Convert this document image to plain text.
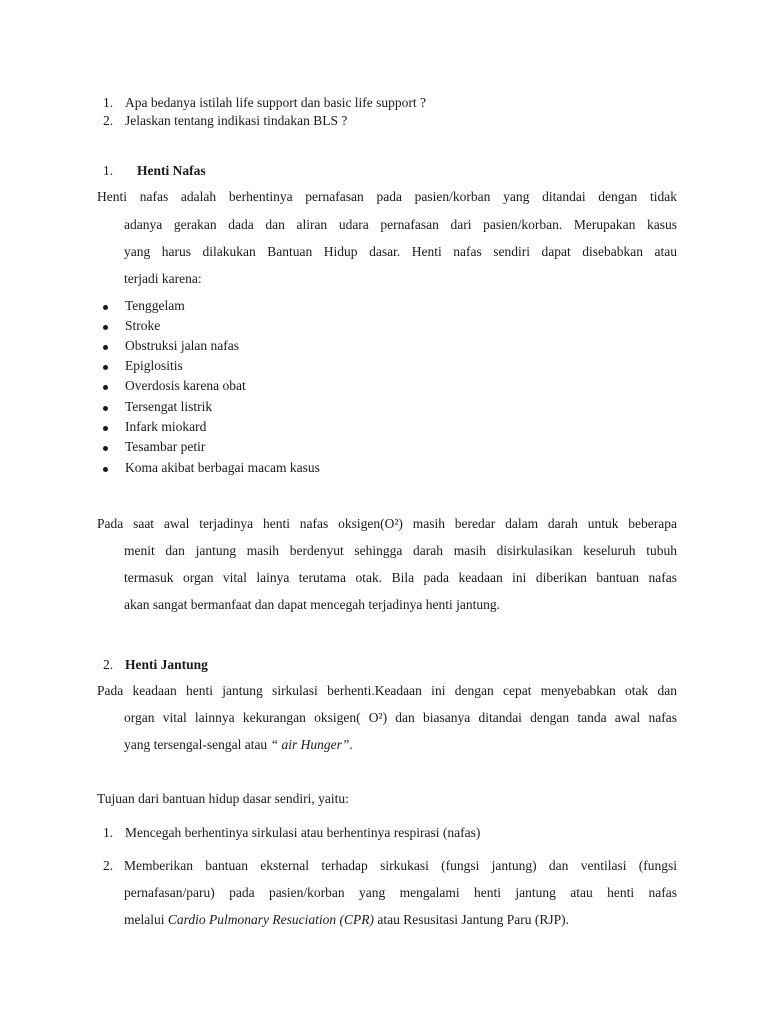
1. Apa bedanya istilah life support dan basic life support ?
2. Jelaskan tentang indikasi tindakan BLS ?
1. Henti Nafas
Henti nafas adalah berhentinya pernafasan pada pasien/korban yang ditandai dengan tidak
adanya gerakan dada dan aliran udara pernafasan dari pasien/korban. Merupakan kasus
yang harus dilakukan Bantuan Hidup dasar. Henti nafas sendiri dapat disebabkan atau
terjadi karena:
Tenggelam
Stroke
Obstruksi jalan nafas
Epiglositis
Overdosis karena obat
Tersengat listrik
Infark miokard
Tesambar petir
Koma akibat berbagai macam kasus
Pada saat awal terjadinya henti nafas oksigen(O²) masih beredar dalam darah untuk beberapa
menit dan jantung masih berdenyut sehingga darah masih disirkulasikan keseluruh tubuh
termasuk organ vital lainya terutama otak. Bila pada keadaan ini diberikan bantuan nafas
akan sangat bermanfaat dan dapat mencegah terjadinya henti jantung.
2. Henti Jantung
Pada keadaan henti jantung sirkulasi berhenti.Keadaan ini dengan cepat menyebabkan otak dan
organ vital lainnya kekurangan oksigen( O²) dan biasanya ditandai dengan tanda awal nafas
yang tersengal-sengal atau “ air Hunger”.
Tujuan dari bantuan hidup dasar sendiri, yaitu:
1. Mencegah berhentinya sirkulasi atau berhentinya respirasi (nafas)
2. Memberikan bantuan eksternal terhadap sirkukasi (fungsi jantung) dan ventilasi (fungsi
pernafasan/paru) pada pasien/korban yang mengalami henti jantung atau henti nafas
melalui Cardio Pulmonary Resuciation (CPR) atau Resusitasi Jantung Paru (RJP).
